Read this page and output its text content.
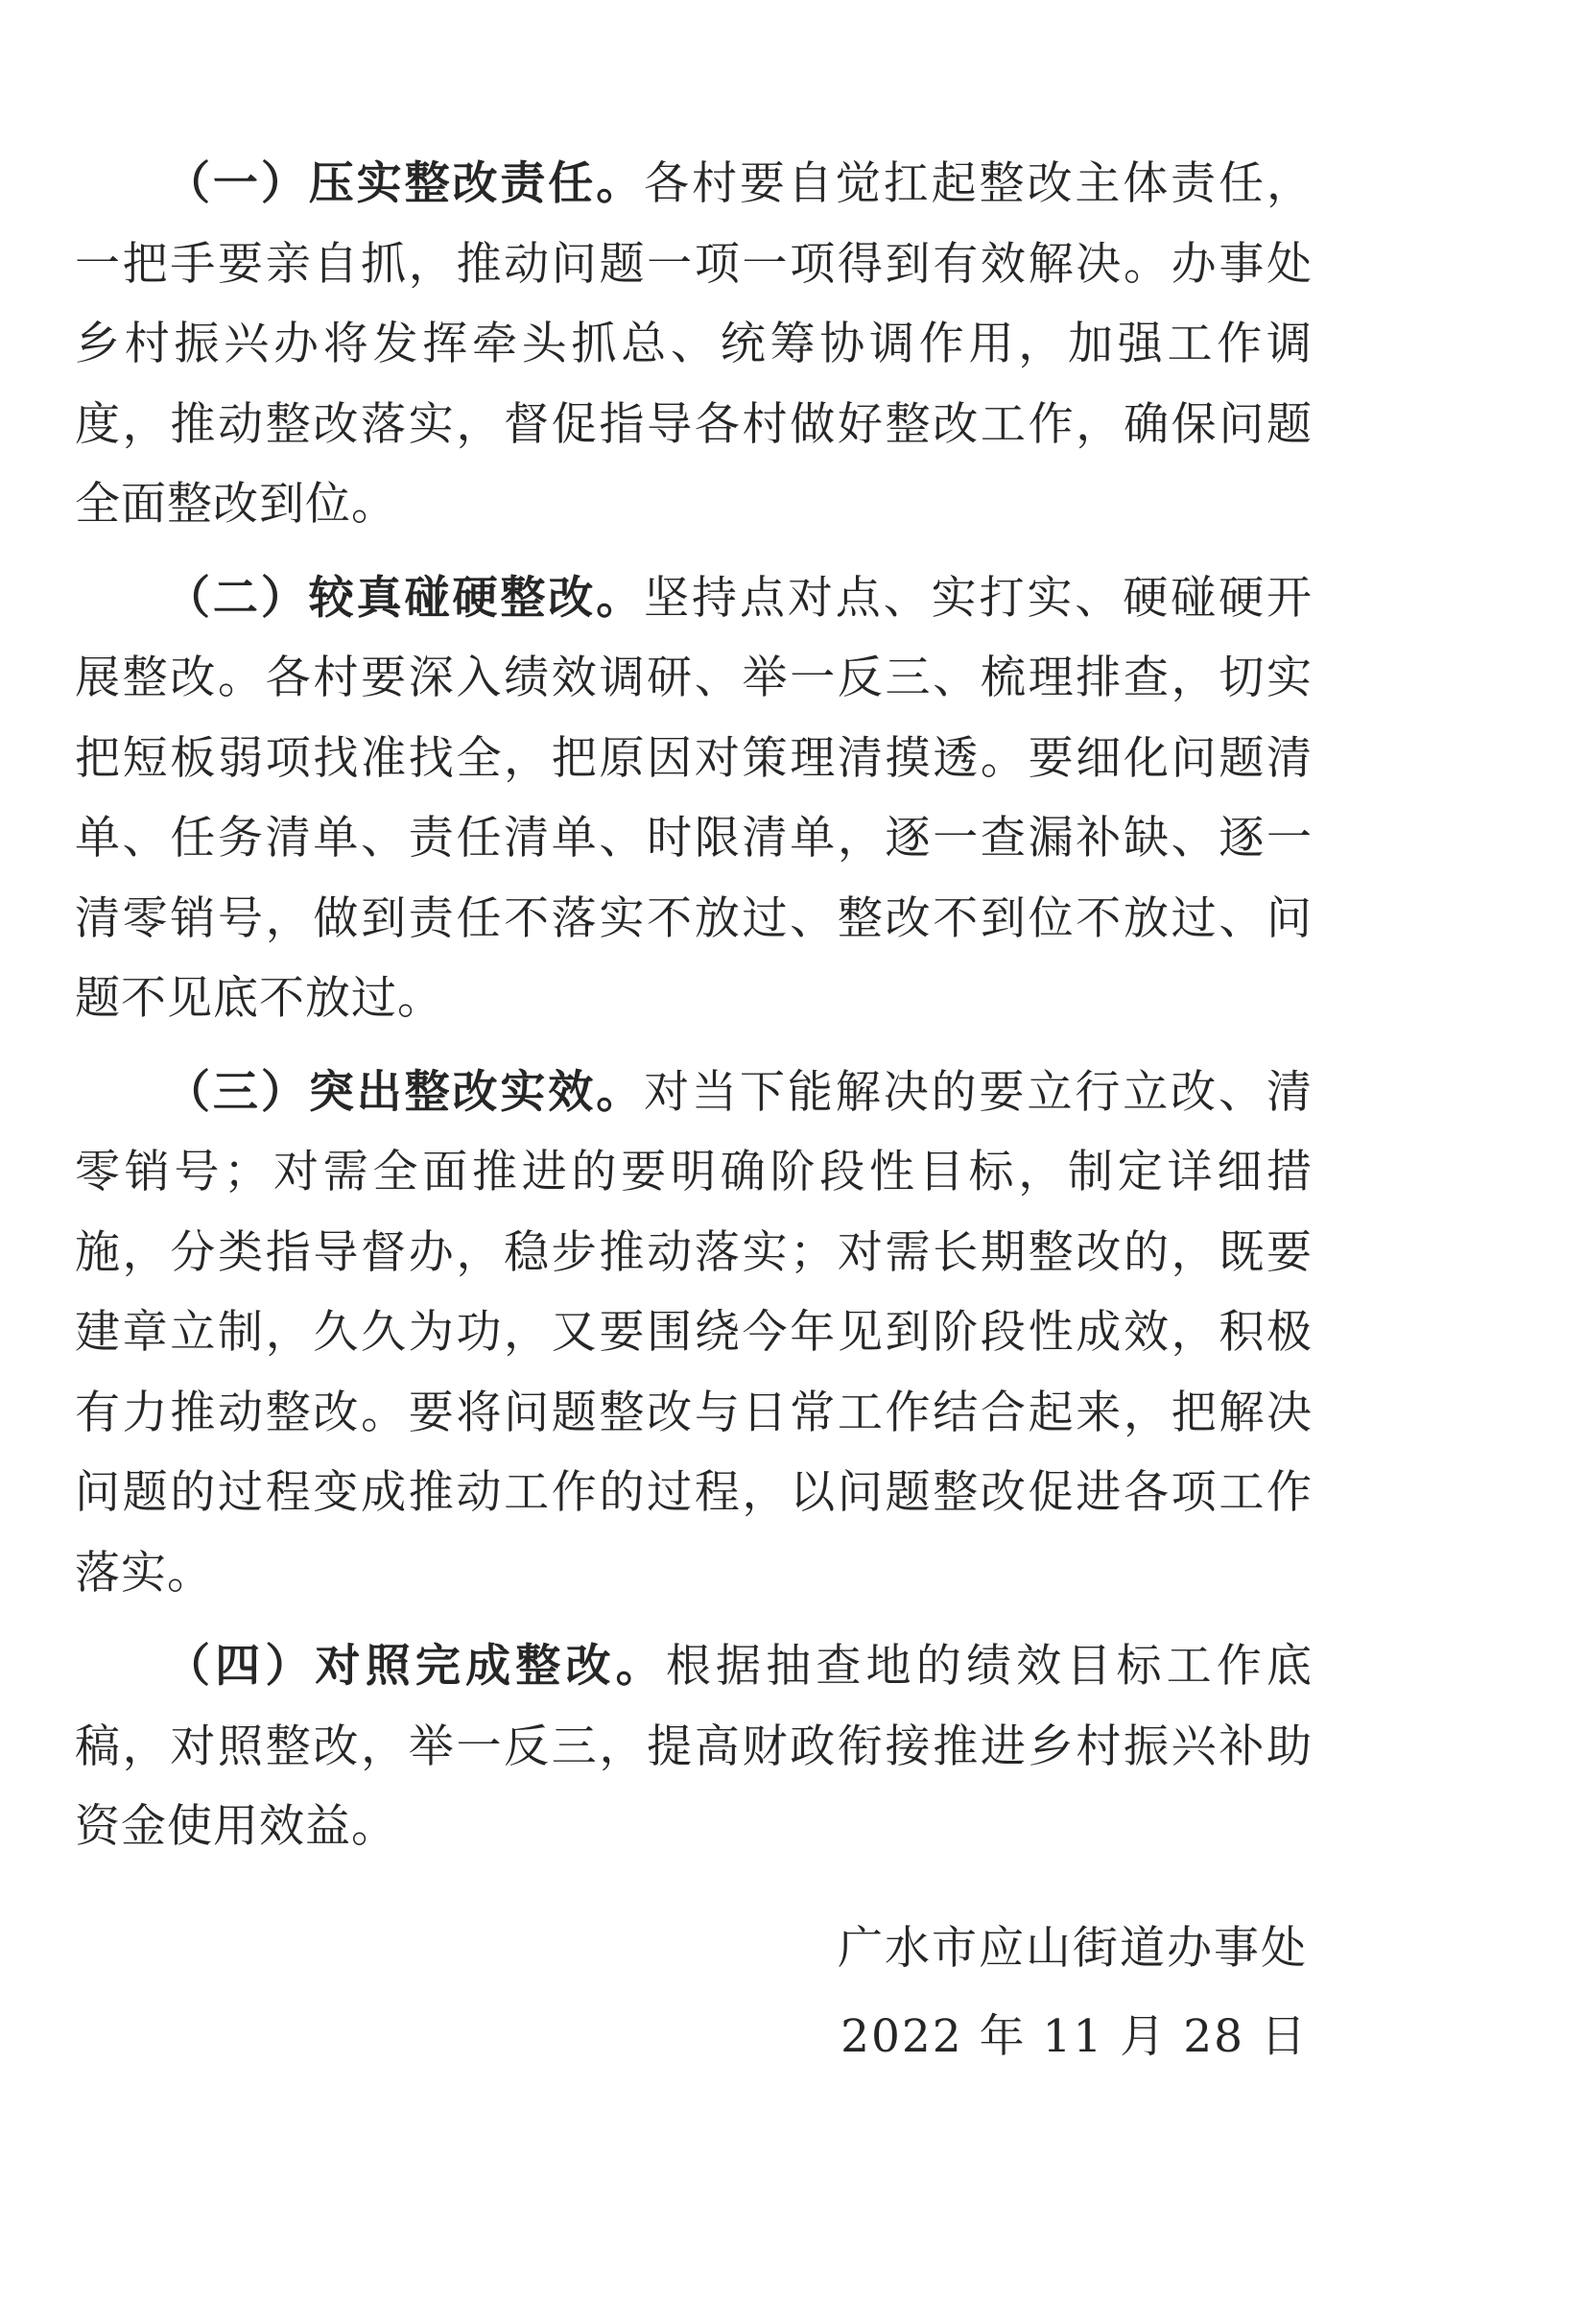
（一）压实整改责任。各村要自觉扛起整改主体责任，一把手要亲自抓，推动问题一项一项得到有效解决。办事处乡村振兴办将发挥牵头抓总、统筹协调作用，加强工作调度，推动整改落实，督促指导各村做好整改工作，确保问题全面整改到位。

（二）较真碰硬整改。坚持点对点、实打实、硬碰硬开展整改。各村要深入绩效调研、举一反三、梳理排查，切实把短板弱项找准找全，把原因对策理清摸透。要细化问题清单、任务清单、责任清单、时限清单，逐一查漏补缺、逐一清零销号，做到责任不落实不放过、整改不到位不放过、问题不见底不放过。

（三）突出整改实效。对当下能解决的要立行立改、清零销号；对需全面推进的要明确阶段性目标，制定详细措施，分类指导督办，稳步推动落实；对需长期整改的，既要建章立制，久久为功，又要围绕今年见到阶段性成效，积极有力推动整改。要将问题整改与日常工作结合起来，把解决问题的过程变成推动工作的过程，以问题整改促进各项工作落实。

（四）对照完成整改。根据抽查地的绩效目标工作底稿，对照整改，举一反三，提高财政衔接推进乡村振兴补助资金使用效益。

广水市应山街道办事处
2022 年 11 月 28 日
